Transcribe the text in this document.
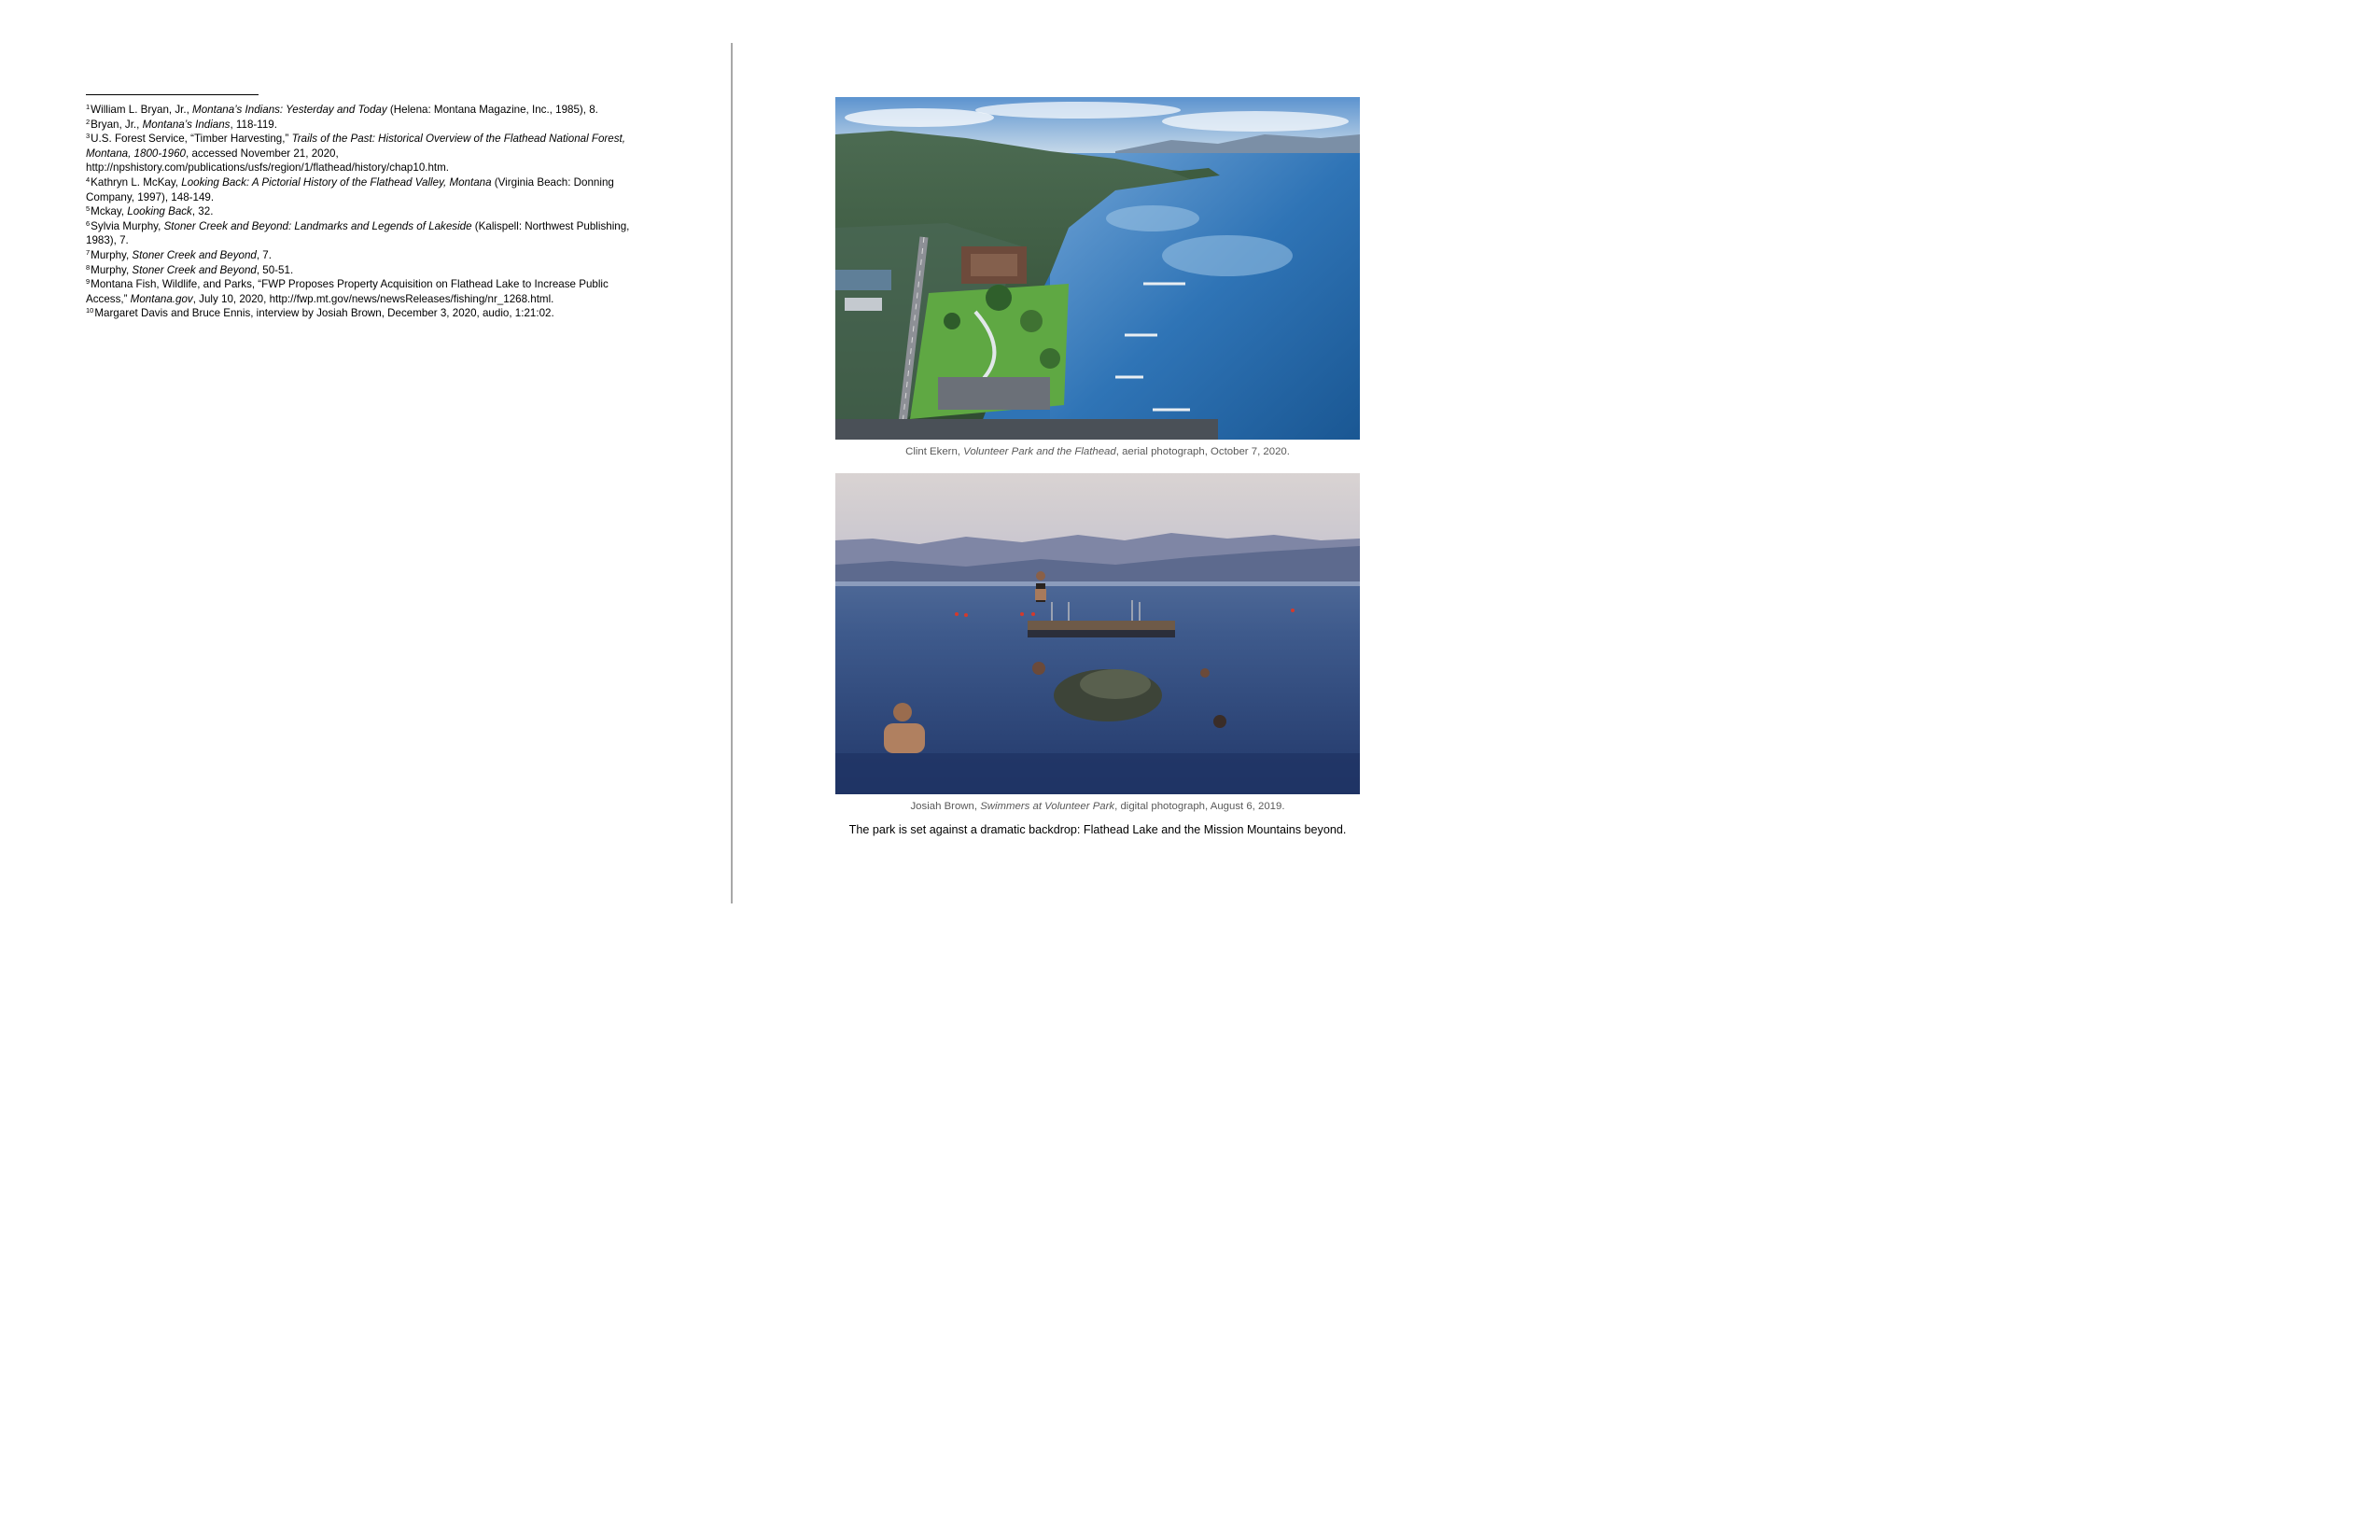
$^1$William L. Bryan, Jr., Montana’s Indians: Yesterday and Today (Helena: Montana Magazine, Inc., 1985), 8.
$^2$Bryan, Jr., Montana’s Indians, 118-119.
$^3$U.S. Forest Service, “Timber Harvesting,” Trails of the Past: Historical Overview of the Flathead National Forest, Montana, 1800-1960, accessed November 21, 2020, http://npshistory.com/publications/usfs/region/1/flathead/history/chap10.htm.
$^4$Kathryn L. McKay, Looking Back: A Pictorial History of the Flathead Valley, Montana (Virginia Beach: Donning Company, 1997), 148-149.
$^5$Mckay, Looking Back, 32.
$^6$Sylvia Murphy, Stoner Creek and Beyond: Landmarks and Legends of Lakeside (Kalispell: Northwest Publishing, 1983), 7.
$^7$Murphy, Stoner Creek and Beyond, 7.
$^8$Murphy, Stoner Creek and Beyond, 50-51.
$^9$Montana Fish, Wildlife, and Parks, “FWP Proposes Property Acquisition on Flathead Lake to Increase Public Access,” Montana.gov, July 10, 2020, http://fwp.mt.gov/news/newsReleases/fishing/nr_1268.html.
$^{10}$Margaret Davis and Bruce Ennis, interview by Josiah Brown, December 3, 2020, audio, 1:21:02.
Clint Ekern, Volunteer Park and the Flathead, aerial photograph, October 7, 2020.
Josiah Brown, Swimmers at Volunteer Park, digital photograph, August 6, 2019.
The park is set against a dramatic backdrop: Flathead Lake and the Mission Mountains beyond.
